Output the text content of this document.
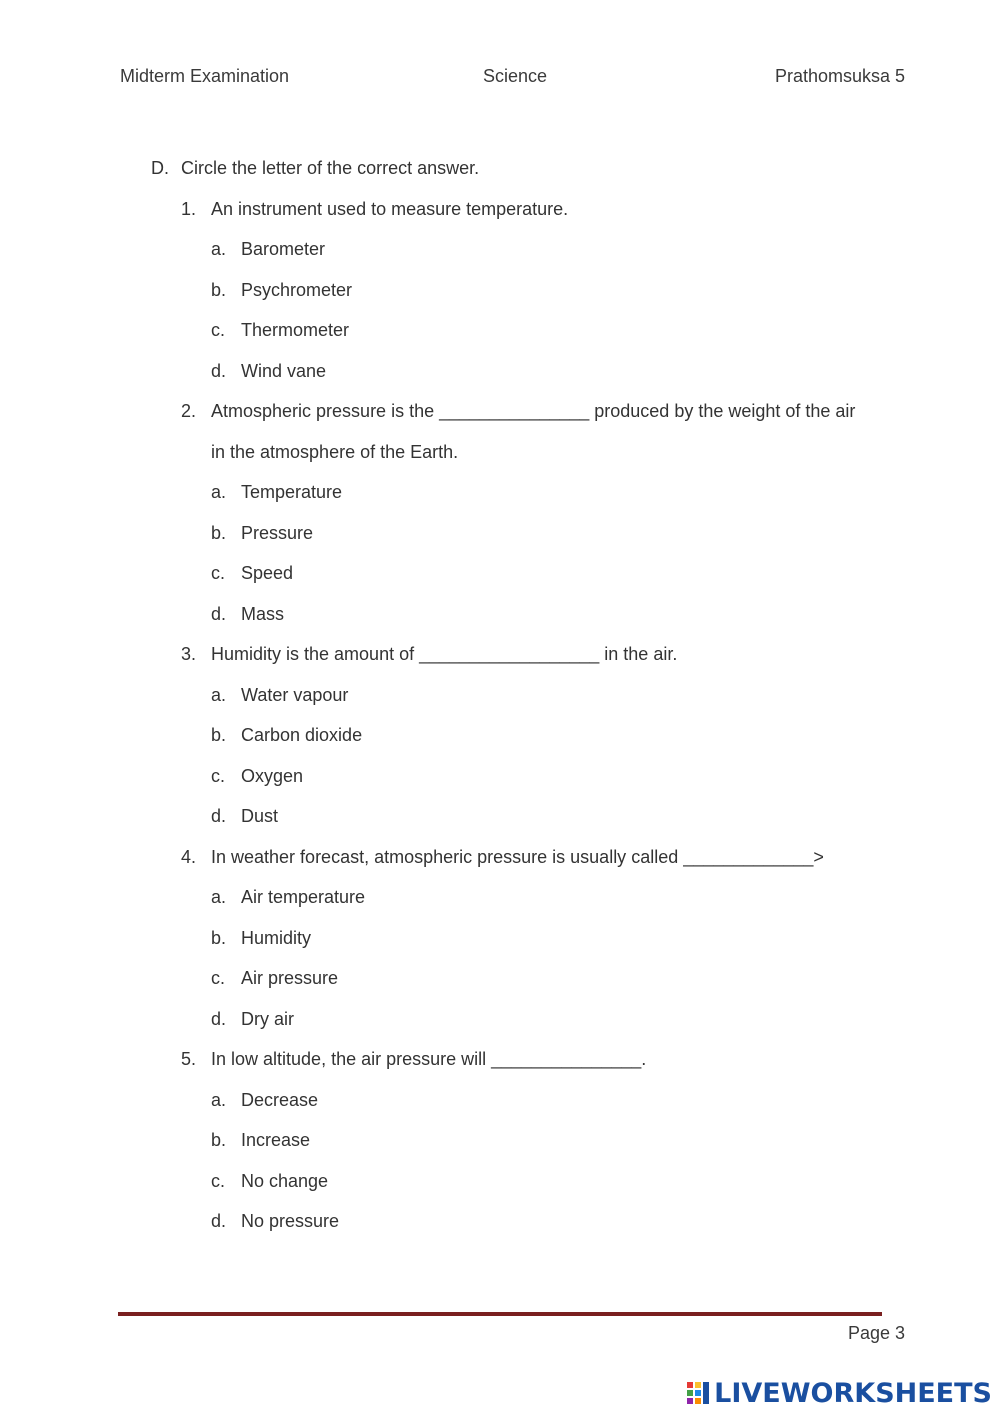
Midterm Examination	Science	Prathomsuksa 5
D. Circle the letter of the correct answer.
1. An instrument used to measure temperature.
a. Barometer
b. Psychrometer
c. Thermometer
d. Wind vane
2. Atmospheric pressure is the _______________ produced by the weight of the air
in the atmosphere of the Earth.
a. Temperature
b. Pressure
c. Speed
d. Mass
3. Humidity is the amount of __________________ in the air.
a. Water vapour
b. Carbon dioxide
c. Oxygen
d. Dust
4. In weather forecast, atmospheric pressure is usually called _____________>
a. Air temperature
b. Humidity
c. Air pressure
d. Dry air
5. In low altitude, the air pressure will _______________.
a. Decrease
b. Increase
c. No change
d. No pressure
Page 3
LIVEWORKSHEETS
